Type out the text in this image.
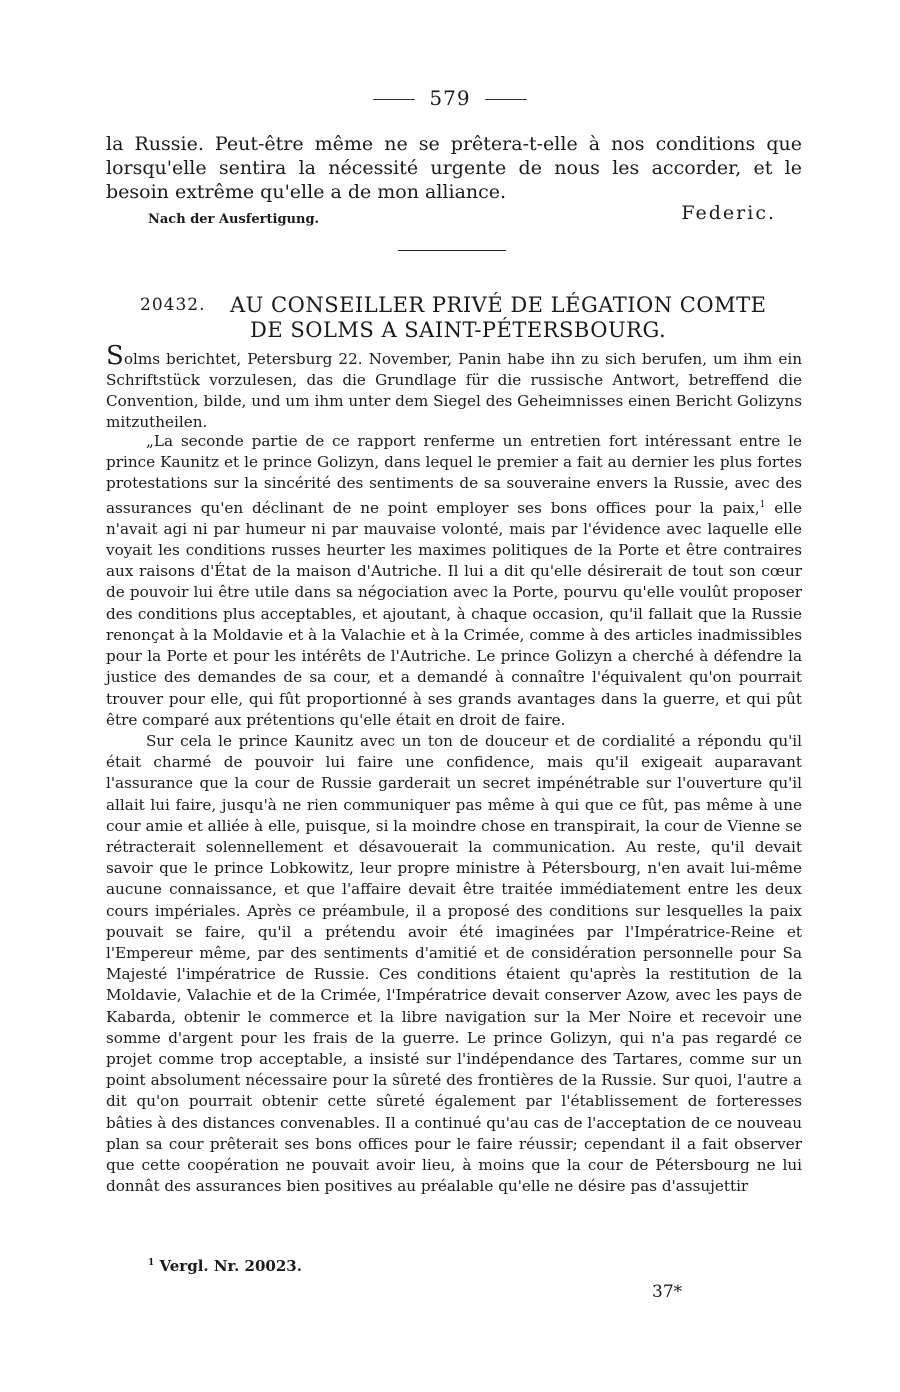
579

la Russie. Peut-être même ne se prêtera-t-elle à nos conditions que lorsqu'elle sentira la nécessité urgente de nous les accorder, et le besoin extrême qu'elle a de mon alliance.

Nach der Ausfertigung.	Federic.
20432. AU CONSEILLER PRIVÉ DE LÉGATION COMTE
DE SOLMS A SAINT-PÉTERSBOURG.

Solms berichtet, Petersburg 22. November, Panin habe ihn zu sich berufen, um ihm ein Schriftstück vorzulesen, das die Grundlage für die russische Antwort, betreffend die Convention, bilde, und um ihm unter dem Siegel des Geheimnisses einen Bericht Golizyns mitzutheilen.

„La seconde partie de ce rapport renferme un entretien fort intéressant entre le prince Kaunitz et le prince Golizyn, dans lequel le premier a fait au dernier les plus fortes protestations sur la sincérité des sentiments de sa souveraine envers la Russie, avec des assurances qu'en déclinant de ne point employer ses bons offices pour la paix,$^1$ elle n'avait agi ni par humeur ni par mauvaise volonté, mais par l'évidence avec laquelle elle voyait les conditions russes heurter les maximes politiques de la Porte et être contraires aux raisons d'État de la maison d'Autriche. Il lui a dit qu'elle désirerait de tout son cœur de pouvoir lui être utile dans sa négociation avec la Porte, pourvu qu'elle voulût proposer des conditions plus acceptables, et ajoutant, à chaque occasion, qu'il fallait que la Russie renonçat à la Moldavie et à la Valachie et à la Crimée, comme à des articles inadmissibles pour la Porte et pour les intérêts de l'Autriche. Le prince Golizyn a cherché à défendre la justice des demandes de sa cour, et a demandé à connaître l'équivalent qu'on pourrait trouver pour elle, qui fût proportionné à ses grands avantages dans la guerre, et qui pût être comparé aux prétentions qu'elle était en droit de faire.

Sur cela le prince Kaunitz avec un ton de douceur et de cordialité a répondu qu'il était charmé de pouvoir lui faire une confidence, mais qu'il exigeait auparavant l'assurance que la cour de Russie garderait un secret impénétrable sur l'ouverture qu'il allait lui faire, jusqu'à ne rien communiquer pas même à qui que ce fût, pas même à une cour amie et alliée à elle, puisque, si la moindre chose en transpirait, la cour de Vienne se rétracterait solennellement et désavouerait la communication. Au reste, qu'il devait savoir que le prince Lobkowitz, leur propre ministre à Pétersbourg, n'en avait lui-même aucune connaissance, et que l'affaire devait être traitée immédiatement entre les deux cours impériales. Après ce préambule, il a proposé des conditions sur lesquelles la paix pouvait se faire, qu'il a prétendu avoir été imaginées par l'Impératrice-Reine et l'Empereur même, par des sentiments d'amitié et de considération personnelle pour Sa Majesté l'impératrice de Russie. Ces conditions étaient qu'après la restitution de la Moldavie, Valachie et de la Crimée, l'Impératrice devait conserver Azow, avec les pays de Kabarda, obtenir le commerce et la libre navigation sur la Mer Noire et recevoir une somme d'argent pour les frais de la guerre. Le prince Golizyn, qui n'a pas regardé ce projet comme trop acceptable, a insisté sur l'indépendance des Tartares, comme sur un point absolument nécessaire pour la sûreté des frontières de la Russie. Sur quoi, l'autre a dit qu'on pourrait obtenir cette sûreté également par l'établissement de forteresses bâties à des distances convenables. Il a continué qu'au cas de l'acceptation de ce nouveau plan sa cour prêterait ses bons offices pour le faire réussir; cependant il a fait observer que cette coopération ne pouvait avoir lieu, à moins que la cour de Pétersbourg ne lui donnât des assurances bien positives au préalable qu'elle ne désire pas d'assujettir

$^1$ Vergl. Nr. 20023.
37*
